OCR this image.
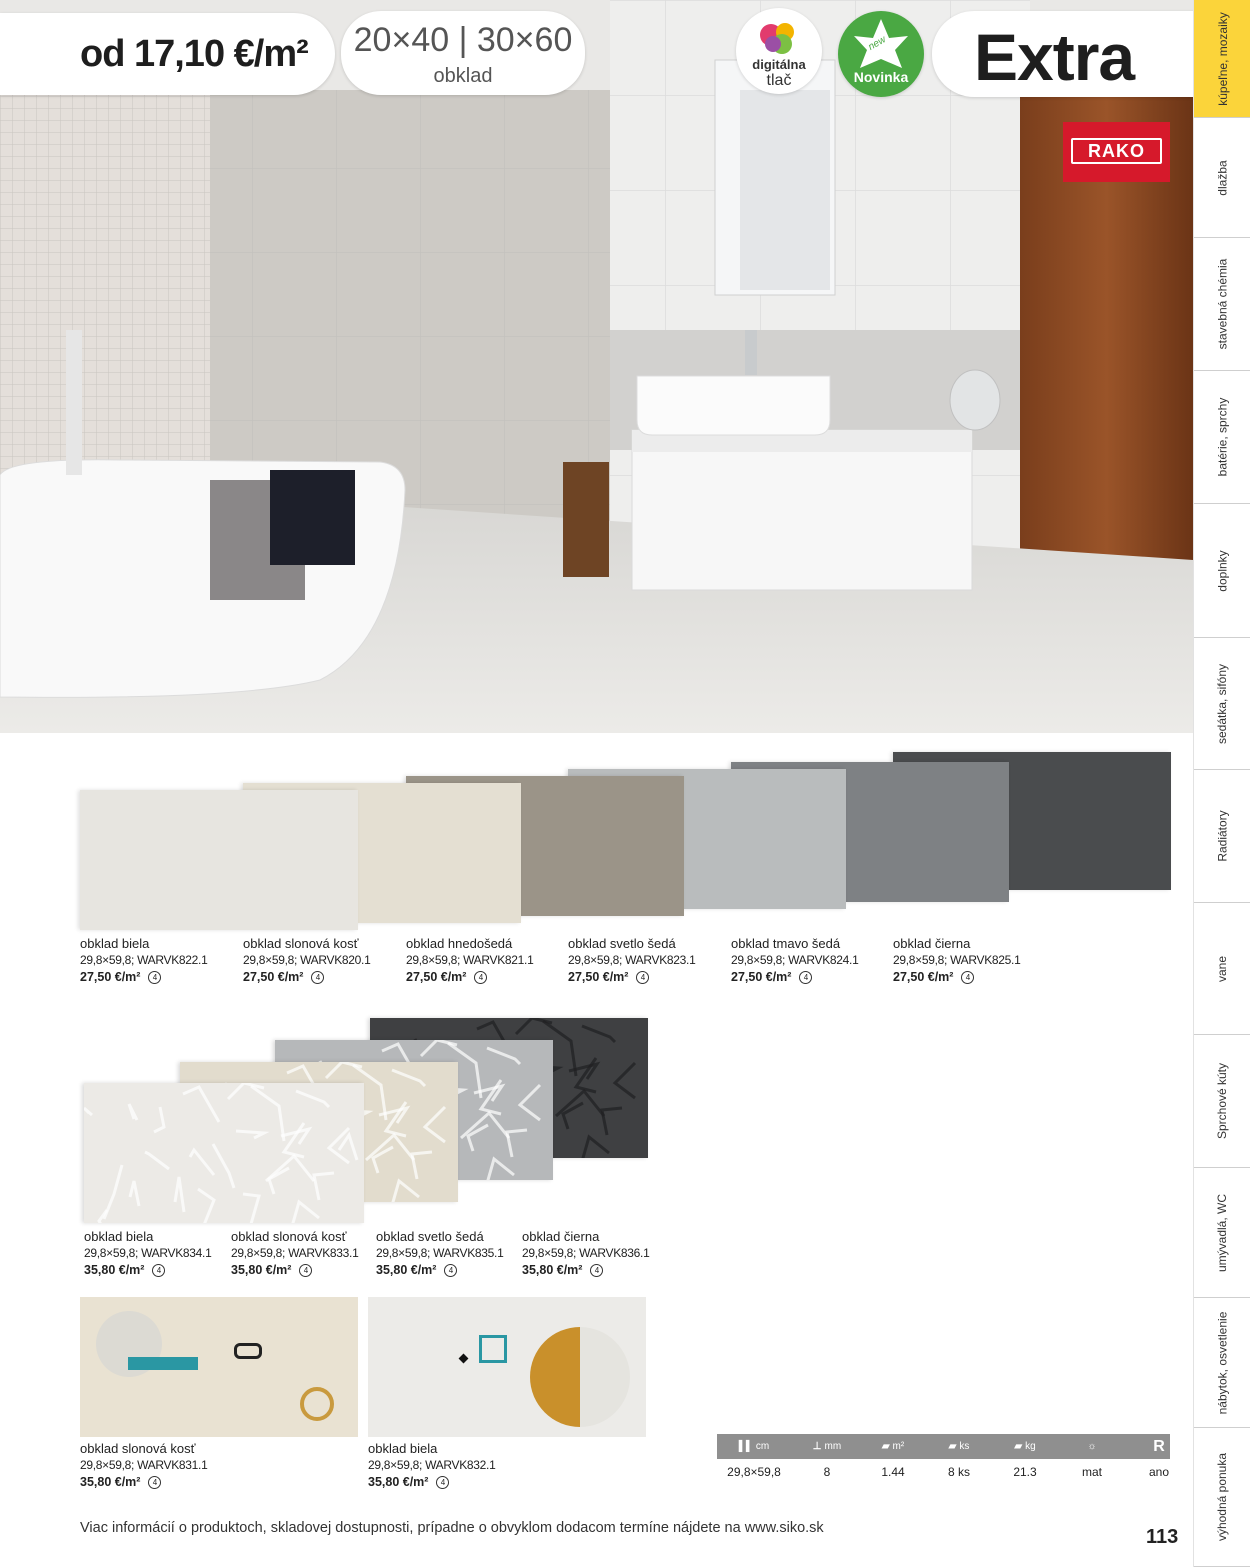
od 17,10 €/m²	20×40 | 30×60
obklad
digitálna
tlač
new
Novinka Extra
RAKO
kúpeľne, mozaiky
dlažba
stavebná chémia
batérie, sprchy
doplnky
sedátka, sifóny
Radiátory
vane
Sprchové kúty
umývadlá, WC
nábytok, osvetlenie
výhodná ponuka
obklad biela
29,8×59,8; WARVK822.1
27,50 €/m² 4
obklad slonová kosť
29,8×59,8; WARVK820.1
27,50 €/m² 4
obklad hnedošedá
29,8×59,8; WARVK821.1
27,50 €/m² 4
obklad svetlo šedá
29,8×59,8; WARVK823.1
27,50 €/m² 4
obklad tmavo šedá
29,8×59,8; WARVK824.1
27,50 €/m² 4
obklad čierna
29,8×59,8; WARVK825.1
27,50 €/m² 4
obklad biela
29,8×59,8; WARVK834.1
35,80 €/m² 4
obklad slonová kosť
29,8×59,8; WARVK833.1
35,80 €/m² 4
obklad svetlo šedá
29,8×59,8; WARVK835.1
35,80 €/m² 4
obklad čierna
29,8×59,8; WARVK836.1
35,80 €/m² 4
obklad slonová kosť
29,8×59,8; WARVK831.1
35,80 €/m² 4
obklad biela
29,8×59,8; WARVK832.1
35,80 €/m² 4
▌▌ cm
29,8×59,8
⊥ mm
8
▰ m²
1.44
▰ ks
8 ks
▰ kg
21.3
☼
mat
R
ano
Viac informácií o produktoch, skladovej dostupnosti, prípadne o obvyklom dodacom termíne nájdete na www.siko.sk	113
